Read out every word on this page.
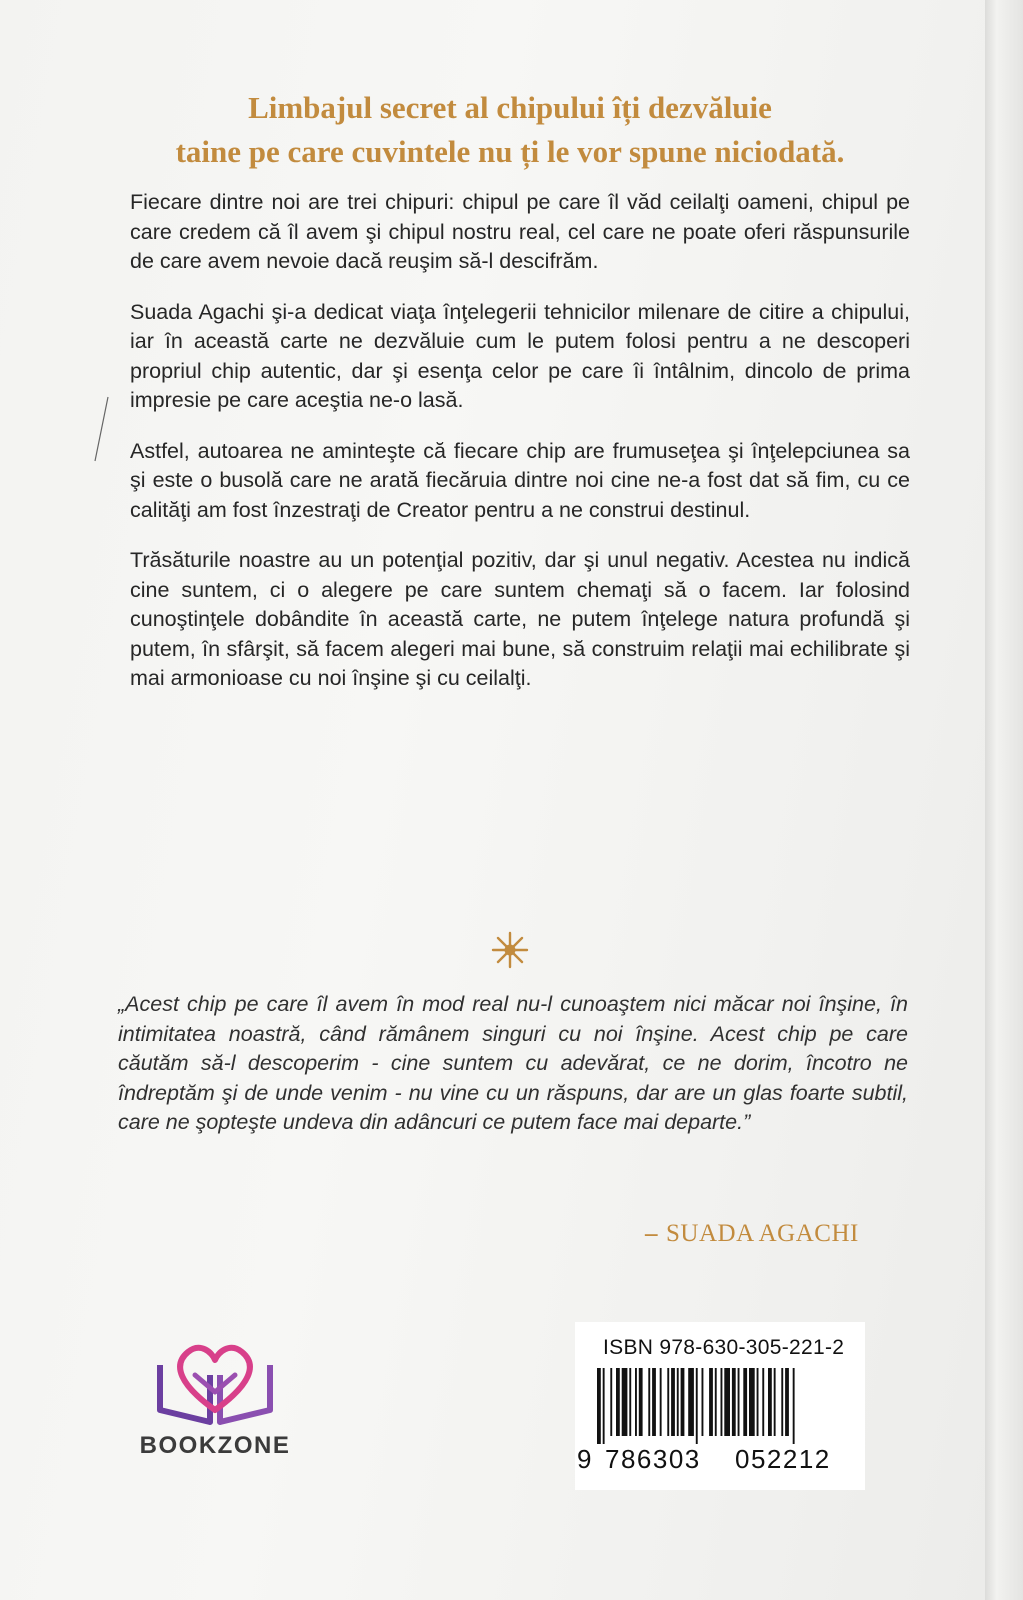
Limbajul secret al chipului îți dezvăluie
taine pe care cuvintele nu ți le vor spune niciodată.

Fiecare dintre noi are trei chipuri: chipul pe care îl văd ceilalţi oameni, chipul pe care credem că îl avem şi chipul nostru real, cel care ne poate oferi răspunsurile de care avem nevoie dacă reuşim să-l descifrăm.

Suada Agachi şi-a dedicat viaţa înţelegerii tehnicilor milenare de citire a chipului, iar în această carte ne dezvăluie cum le putem folosi pentru a ne descoperi propriul chip autentic, dar şi esenţa celor pe care îi întâlnim, dincolo de prima impresie pe care aceştia ne-o lasă.

Astfel, autoarea ne aminteşte că fiecare chip are frumuseţea şi înţelepciunea sa şi este o busolă care ne arată fiecăruia dintre noi cine ne-a fost dat să fim, cu ce calităţi am fost înzestraţi de Creator pentru a ne construi destinul.

Trăsăturile noastre au un potenţial pozitiv, dar şi unul negativ. Acestea nu indică cine suntem, ci o alegere pe care suntem chemaţi să o facem. Iar folosind cunoştinţele dobândite în această carte, ne putem înţelege natura profundă şi putem, în sfârşit, să facem alegeri mai bune, să construim relaţii mai echilibrate şi mai armonioase cu noi înşine şi cu ceilalţi.

„Acest chip pe care îl avem în mod real nu-l cunoaştem nici măcar noi înşine, în intimitatea noastră, când rămânem singuri cu noi înşine. Acest chip pe care căutăm să-l descoperim - cine suntem cu adevărat, ce ne dorim, încotro ne îndreptăm şi de unde venim - nu vine cu un răspuns, dar are un glas foarte subtil, care ne şopteşte undeva din adâncuri ce putem face mai departe.”

– SUADA AGACHI
BOOKZONE
ISBN 978-630-305-221-2
9 786303 052212
